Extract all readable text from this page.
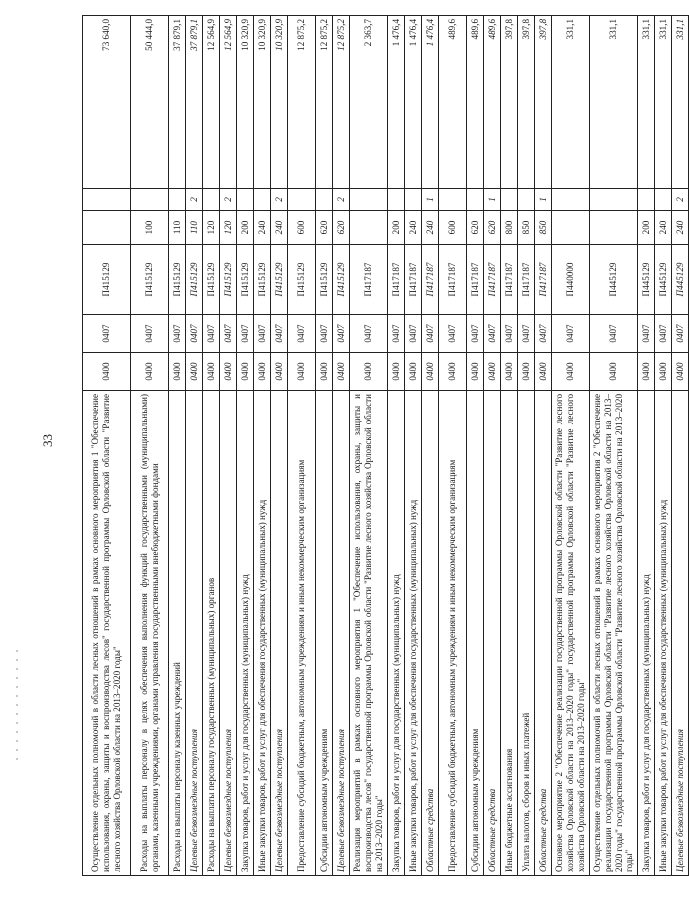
33	Осуществление отдельных полномочий в области лесных отношений в рамках основного мероприятия 1 "Обеспечение использования, охраны, защиты и воспроизводства лесов" государственной программы Орловской области "Развитие лесного хозяйства Орловской области на 2013–2020 годы"	0400	0407	П415129			73 640,0
Расходы на выплаты персоналу в целях обеспечения выполнения функций государственными (муниципальными) органами, казенными учреждениями, органами управления государственными внебюджетными фондами	0400	0407	П415129	100		50 444,0
Расходы на выплаты персоналу казенных учреждений	0400	0407	П415129	110		37 879,1
Целевые безвозмездные поступления	0400	0407	П415129	110	2	37 879,1
Расходы на выплаты персоналу государственных (муниципальных) органов	0400	0407	П415129	120		12 564,9
Целевые безвозмездные поступления	0400	0407	П415129	120	2	12 564,9
Закупка товаров, работ и услуг для государственных (муниципальных) нужд	0400	0407	П415129	200		10 320,9
Иные закупки товаров, работ и услуг для обеспечения государственных (муниципальных) нужд	0400	0407	П415129	240		10 320,9
Целевые безвозмездные поступления	0400	0407	П415129	240	2	10 320,9
Предоставление субсидий бюджетным, автономным учреждениям и иным некоммерческим организациям	0400	0407	П415129	600		12 875,2
Субсидии автономным учреждениям	0400	0407	П415129	620		12 875,2
Целевые безвозмездные поступления	0400	0407	П415129	620	2	12 875,2
Реализация мероприятий в рамках основного мероприятия 1 "Обеспечение использования, охраны, защиты и воспроизводства лесов" государственной программы Орловской области "Развитие лесного хозяйства Орловской области на 2013–2020 годы"	0400	0407	П417187			2 363,7
Закупка товаров, работ и услуг для государственных (муниципальных) нужд	0400	0407	П417187	200		1 476,4
Иные закупки товаров, работ и услуг для обеспечения государственных (муниципальных) нужд	0400	0407	П417187	240		1 476,4
Областные средства	0400	0407	П417187	240	1	1 476,4
Предоставление субсидий бюджетным, автономным учреждениям и иным некоммерческим организациям	0400	0407	П417187	600		489,6
Субсидии автономным учреждениям	0400	0407	П417187	620		489,6
Областные средства	0400	0407	П417187	620	1	489,6
Иные бюджетные ассигнования	0400	0407	П417187	800		397,8
Уплата налогов, сборов и иных платежей	0400	0407	П417187	850		397,8
Областные средства	0400	0407	П417187	850	1	397,8
Основное мероприятие 2 "Обеспечение реализации государственной программы Орловской области "Развитие лесного хозяйства Орловской области на 2013–2020 годы" государственной программы Орловской области "Развитие лесного хозяйства Орловской области на 2013–2020 годы"	0400	0407	П440000			331,1
Осуществление отдельных полномочий в области лесных отношений в рамках основного мероприятия 2 "Обеспечение реализации государственной программы Орловской области "Развитие лесного хозяйства Орловской области на 2013–2020 годы" государственной программы Орловской области "Развитие лесного хозяйства Орловской области на 2013–2020 годы"	0400	0407	П445129			331,1
Закупка товаров, работ и услуг для государственных (муниципальных) нужд	0400	0407	П445129	200		331,1
Иные закупки товаров, работ и услуг для обеспечения государственных (муниципальных) нужд	0400	0407	П445129	240		331,1
Целевые безвозмездные поступления	0400	0407	П445129	240	2	331,1
